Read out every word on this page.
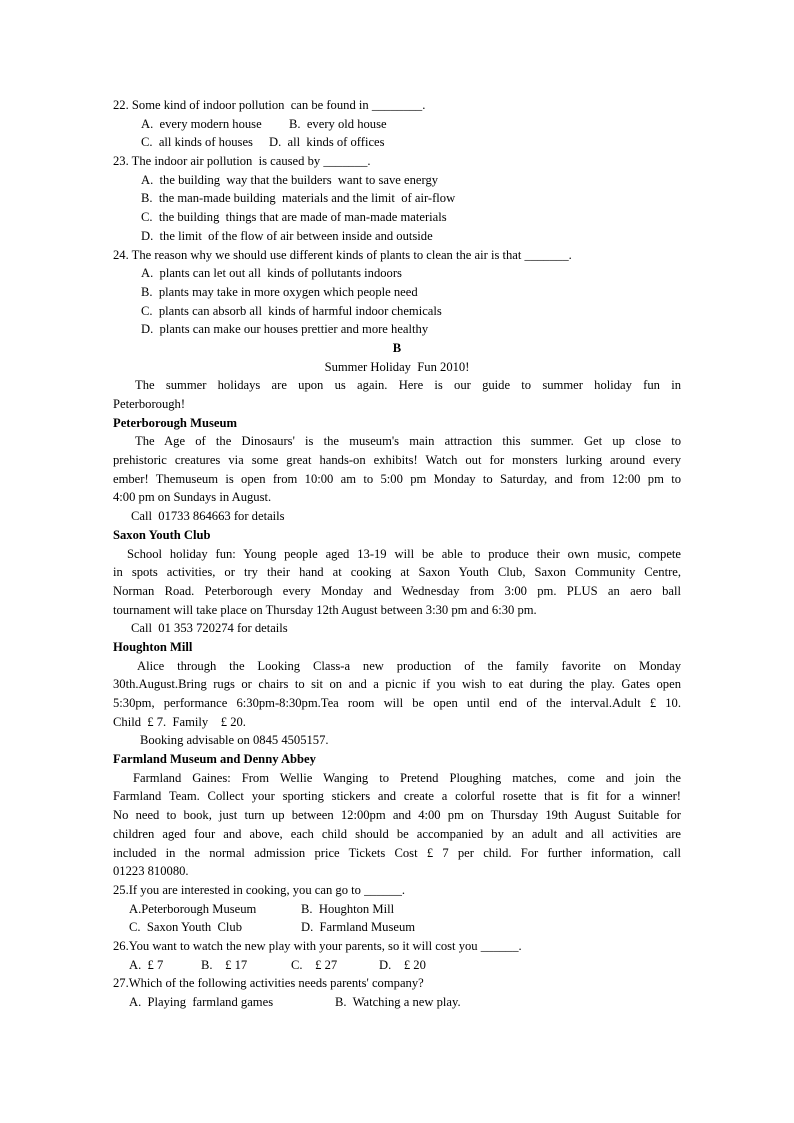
22. Some kind of indoor pollution  can be found in ________.
A.  every modern house	B.  every old house
C.  all kinds of houses	D.  all  kinds of offices
23. The indoor air pollution  is caused by _______.
A.  the building  way that the builders  want to save energy
B.  the man-made building  materials and the limit  of air-flow
C.  the building  things that are made of man-made materials
D.  the limit  of the flow of air between inside and outside
24. The reason why we should use different kinds of plants to clean the air is that _______.
A.  plants can let out all  kinds of pollutants indoors
B.  plants may take in more oxygen which people need
C.  plants can absorb all  kinds of harmful indoor chemicals
D.  plants can make our houses prettier and more healthy
B
Summer Holiday  Fun 2010!
The summer holidays are upon us again. Here is our guide to summer holiday fun in
Peterborough!
Peterborough Museum
The Age of the Dinosaurs' is the museum's main attraction this summer. Get up close to
prehistoric creatures via some great hands-on exhibits! Watch out for monsters lurking around every
ember! Themuseum is open from 10:00 am to 5:00 pm Monday to Saturday, and from 12:00 pm to
4:00 pm on Sundays in August.
Call  01733 864663 for details
Saxon Youth Club
School holiday fun: Young people aged 13-19 will be able to produce their own music, compete
in spots activities, or try their hand at cooking at Saxon Youth Club, Saxon Community Centre,
Norman Road. Peterborough every Monday and Wednesday from 3:00 pm. PLUS an aero ball
tournament will take place on Thursday 12th August between 3:30 pm and 6:30 pm.
Call  01 353 720274 for details
Houghton Mill
Alice through the Looking Class-a new production of the family favorite on Monday
30th.August.Bring rugs or chairs to sit on and a picnic if you wish to eat during the play. Gates open
5:30pm, performance 6:30pm-8:30pm.Tea room will be open until end of the interval.Adult £ 10.
Child  £ 7.  Family    £ 20.
Booking advisable on 0845 4505157.
Farmland Museum and Denny Abbey
Farmland Gaines: From Wellie Wanging to Pretend Ploughing matches, come and join the
Farmland Team. Collect your sporting stickers and create a colorful rosette that is fit for a winner!
No need to book, just turn up between 12:00pm and 4:00 pm on Thursday 19th August Suitable for
children aged four and above, each child should be accompanied by an adult and all activities are
included in the normal admission price Tickets Cost £ 7 per child. For further information, call
01223 810080.
25.If you are interested in cooking, you can go to ______.
A.Peterborough Museum	B.  Houghton Mill
C.  Saxon Youth  Club	D.  Farmland Museum
26.You want to watch the new play with your parents, so it will cost you ______.
A.  £ 7	B.    £ 17	C.    £ 27	D.    £ 20
27.Which of the following activities needs parents' company?
A.  Playing  farmland games	B.  Watching a new play.
